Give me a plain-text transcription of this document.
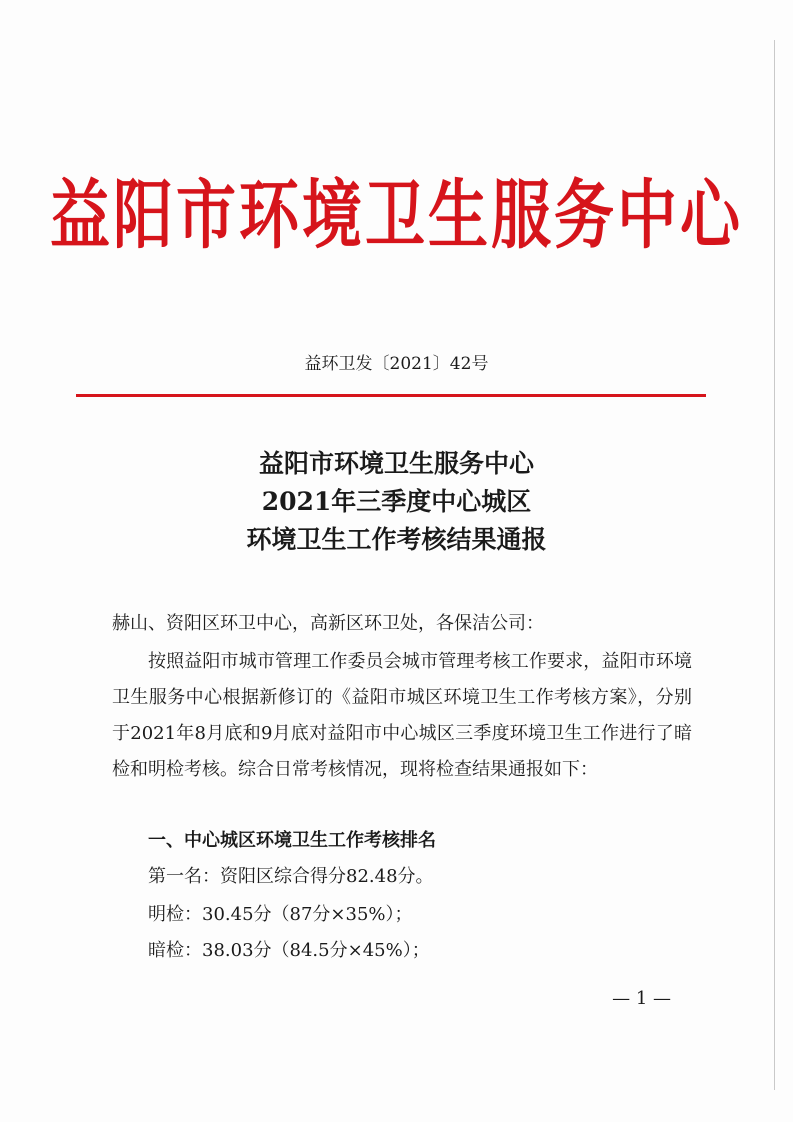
益阳市环境卫生服务中心
益环卫发〔2021〕42号
益阳市环境卫生服务中心
2021年三季度中心城区
环境卫生工作考核结果通报
赫山、资阳区环卫中心，高新区环卫处，各保洁公司：

按照益阳市城市管理工作委员会城市管理考核工作要求，益阳市环境卫生服务中心根据新修订的《益阳市城区环境卫生工作考核方案》，分别于2021年8月底和9月底对益阳市中心城区三季度环境卫生工作进行了暗检和明检考核。综合日常考核情况，现将检查结果通报如下：

一、中心城区环境卫生工作考核排名
第一名：资阳区综合得分82.48分。
明检：30.45分（87分×35%）；
暗检：38.03分（84.5分×45%）；
— 1 —
